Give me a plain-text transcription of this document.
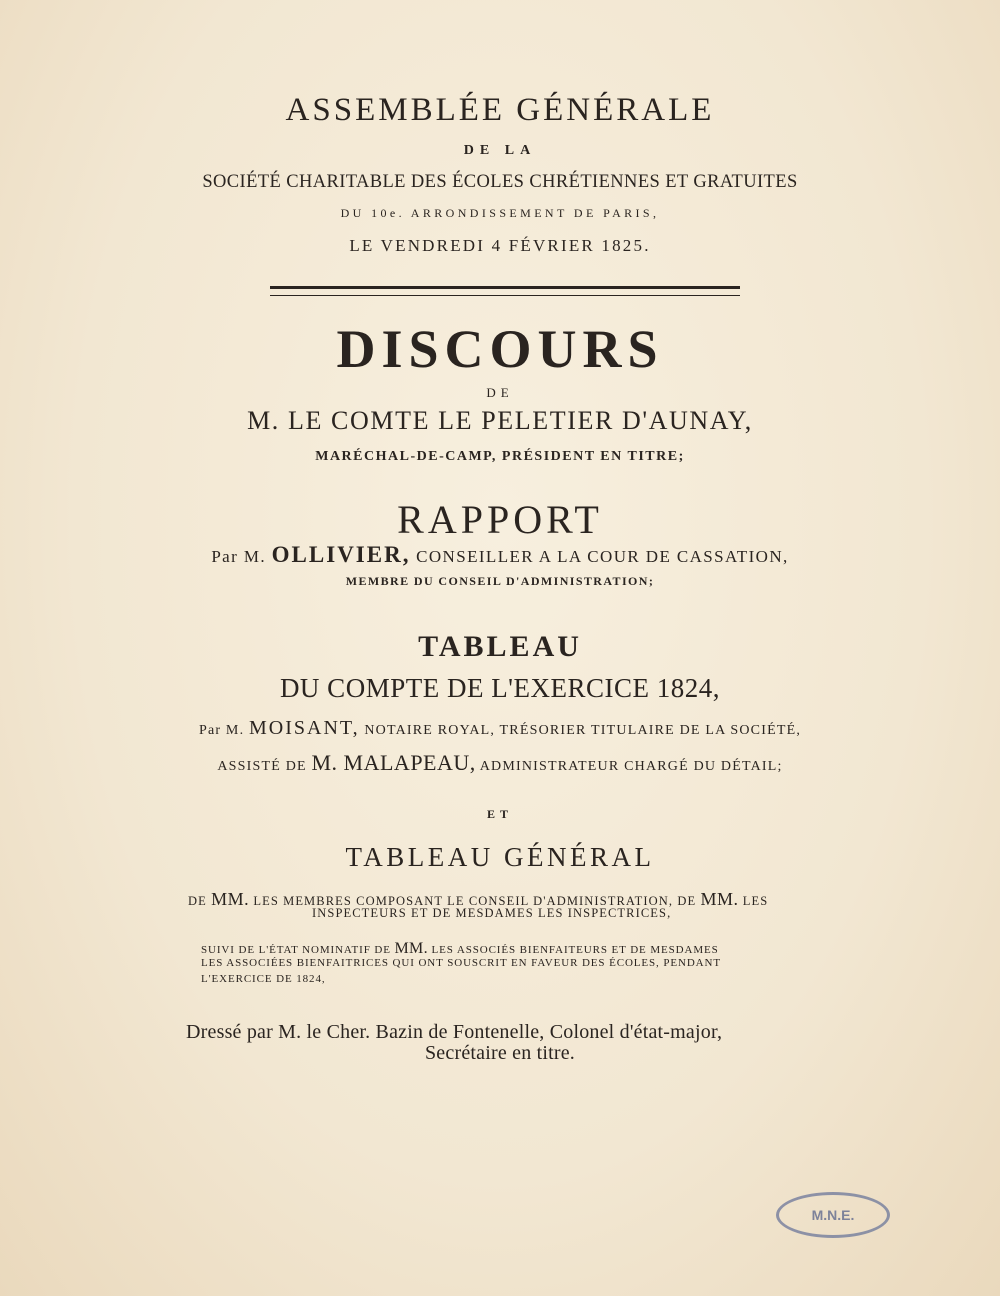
ASSEMBLÉE GÉNÉRALE
DE LA
SOCIÉTÉ CHARITABLE DES ÉCOLES CHRÉTIENNES ET GRATUITES
DU 10e. ARRONDISSEMENT DE PARIS,
LE VENDREDI 4 FÉVRIER 1825.
DISCOURS
DE
M. LE COMTE LE PELETIER D'AUNAY,
MARÉCHAL-DE-CAMP, PRÉSIDENT EN TITRE;
RAPPORT
Par M. OLLIVIER, CONSEILLER A LA COUR DE CASSATION,
MEMBRE DU CONSEIL D'ADMINISTRATION;
TABLEAU
DU COMPTE DE L'EXERCICE 1824,
Par M. MOISANT, NOTAIRE ROYAL, TRÉSORIER TITULAIRE DE LA SOCIÉTÉ,
ASSISTÉ DE M. MALAPEAU, ADMINISTRATEUR CHARGÉ DU DÉTAIL;
ET
TABLEAU GÉNÉRAL
DE MM. LES MEMBRES COMPOSANT LE CONSEIL D'ADMINISTRATION, DE MM. LES
INSPECTEURS ET DE MESDAMES LES INSPECTRICES,
SUIVI DE L'ÉTAT NOMINATIF DE MM. LES ASSOCIÉS BIENFAITEURS ET DE MESDAMES
LES ASSOCIÉES BIENFAITRICES QUI ONT SOUSCRIT EN FAVEUR DES ÉCOLES, PENDANT
L'EXERCICE DE 1824,
Dressé par M. le Cher. Bazin de Fontenelle, Colonel d'état-major,
Secrétaire en titre.
M.N.E.
